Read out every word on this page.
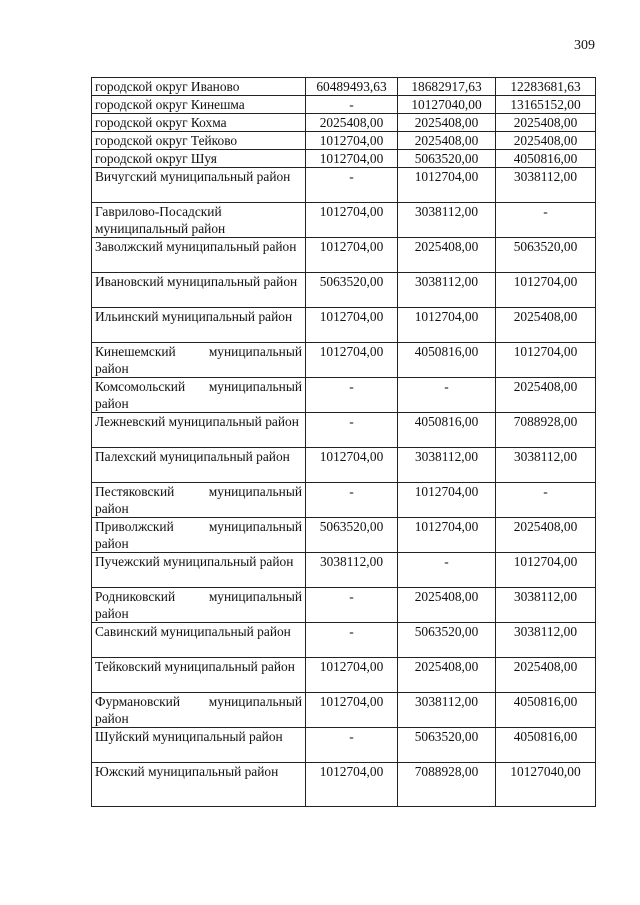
309
городской округ Иваново	60489493,63	18682917,63	12283681,63
городской округ Кинешма	-	10127040,00	13165152,00
городской округ Кохма	2025408,00	2025408,00	2025408,00
городской округ Тейково	1012704,00	2025408,00	2025408,00
городской округ Шуя	1012704,00	5063520,00	4050816,00
Вичугский муниципальный район	-	1012704,00	3038112,00
Гаврилово-Посадский муниципальный район	1012704,00	3038112,00	-
Заволжский муниципальный район	1012704,00	2025408,00	5063520,00
Ивановский муниципальный район	5063520,00	3038112,00	1012704,00
Ильинский муниципальный район	1012704,00	1012704,00	2025408,00
Кинешемский муниципальный район	1012704,00	4050816,00	1012704,00
Комсомольский муниципальный район	-	-	2025408,00
Лежневский муниципальный район	-	4050816,00	7088928,00
Палехский муниципальный район	1012704,00	3038112,00	3038112,00
Пестяковский муниципальный район	-	1012704,00	-
Приволжский муниципальный район	5063520,00	1012704,00	2025408,00
Пучежский муниципальный район	3038112,00	-	1012704,00
Родниковский муниципальный район	-	2025408,00	3038112,00
Савинский муниципальный район	-	5063520,00	3038112,00
Тейковский муниципальный район	1012704,00	2025408,00	2025408,00
Фурмановский муниципальный район	1012704,00	3038112,00	4050816,00
Шуйский муниципальный район	-	5063520,00	4050816,00
Южский муниципальный район	1012704,00	7088928,00	10127040,00
